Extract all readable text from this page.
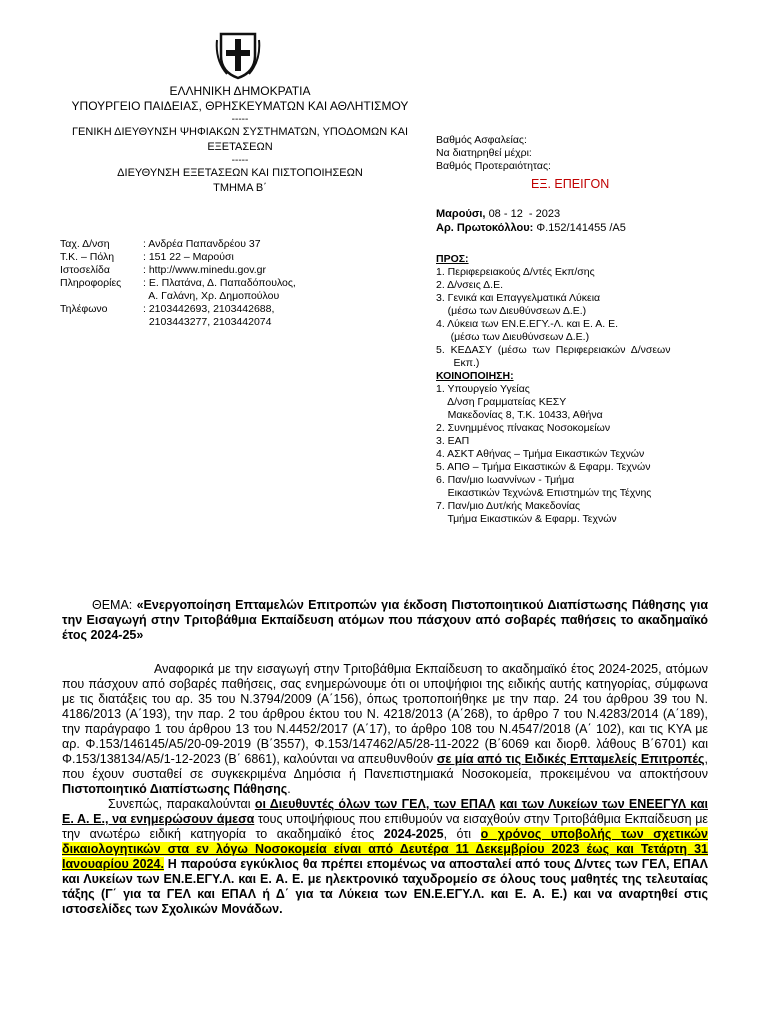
ΕΛΛΗΝΙΚΗ ΔΗΜΟΚΡΑΤΙΑ
ΥΠΟΥΡΓΕΙΟ ΠΑΙΔΕΙΑΣ, ΘΡΗΣΚΕΥΜΑΤΩΝ ΚΑΙ ΑΘΛΗΤΙΣΜΟΥ
-----
ΓΕΝΙΚΗ ΔΙΕΥΘΥΝΣΗ ΨΗΦΙΑΚΩΝ ΣΥΣΤΗΜΑΤΩΝ, ΥΠΟΔΟΜΩΝ ΚΑΙ
ΕΞΕΤΑΣΕΩΝ
-----
ΔΙΕΥΘΥΝΣΗ ΕΞΕΤΑΣΕΩΝ ΚΑΙ ΠΙΣΤΟΠΟΙΗΣΕΩΝ
ΤΜΗΜΑ Β΄
Ταχ. Δ/νση	: Ανδρέα Παπανδρέου 37
Τ.Κ. – Πόλη	: 151 22 – Μαρούσι
Ιστοσελίδα	: http://www.minedu.gov.gr
Πληροφορίες	: Ε. Πλατάνα, Δ. Παπαδόπουλος,
Α. Γαλάνη, Χρ. Δημοπούλου
Τηλέφωνο	: 2103442693, 2103442688,
2103443277, 2103442074
Βαθμός Ασφαλείας:
Να διατηρηθεί μέχρι:
Βαθμός Προτεραιότητας:
ΕΞ. ΕΠΕΙΓΟΝ
Μαρούσι, 08 - 12  - 2023
Αρ. Πρωτοκόλλου: Φ.152/141455 /Α5

ΠΡΟΣ:

1. Περιφερειακούς Δ/ντές Εκπ/σης

2. Δ/νσεις Δ.Ε.

3. Γενικά και Επαγγελματικά Λύκεια

(μέσω των Διευθύνσεων Δ.Ε.)

4. Λύκεια των ΕΝ.Ε.ΕΓΥ.-Λ. και Ε. Α. Ε.

(μέσω των Διευθύνσεων Δ.Ε.)

5.  ΚΕΔΑΣΥ  (μέσω  των  Περιφερειακών  Δ/νσεων

Εκπ.)

ΚΟΙΝΟΠΟΙΗΣΗ:

1. Υπουργείο Υγείας

Δ/νση Γραμματείας ΚΕΣΥ

Μακεδονίας 8, Τ.Κ. 10433, Αθήνα

2. Συνημμένος πίνακας Νοσοκομείων

3. ΕΑΠ

4. ΑΣΚΤ Αθήνας – Τμήμα Εικαστικών Τεχνών

5. ΑΠΘ – Τμήμα Εικαστικών & Εφαρμ. Τεχνών

6. Παν/μιο Ιωαννίνων - Τμήμα

Εικαστικών Τεχνών& Επιστημών της Τέχνης

7. Παν/μιο Δυτ/κής Μακεδονίας

Τμήμα Εικαστικών & Εφαρμ. Τεχνών

ΘΕΜΑ: «Ενεργοποίηση Επταμελών Επιτροπών για έκδοση Πιστοποιητικού Διαπίστωσης Πάθησης για την Εισαγωγή στην Τριτοβάθμια Εκπαίδευση ατόμων που πάσχουν από σοβαρές παθήσεις το ακαδημαϊκό έτος 2024-25»

Αναφορικά με την εισαγωγή στην Τριτοβάθμια Εκπαίδευση το ακαδημαϊκό έτος 2024-2025, ατόμων που πάσχουν από σοβαρές παθήσεις, σας ενημερώνουμε ότι οι υποψήφιοι της ειδικής αυτής κατηγορίας, σύμφωνα με τις διατάξεις του αρ. 35 του Ν.3794/2009 (Α΄156), όπως τροποποιήθηκε με την παρ. 24 του άρθρου 39 του Ν. 4186/2013 (Α΄193), την παρ. 2 του άρθρου έκτου του Ν. 4218/2013 (Α΄268), το άρθρο 7 του Ν.4283/2014 (Α΄189), την παράγραφο 1 του άρθρου 13 του Ν.4452/2017 (Α΄17), το άρθρο 108 του Ν.4547/2018 (Α΄ 102), και τις ΚΥΑ με αρ. Φ.153/146145/Α5/20-09-2019 (Β΄3557), Φ.153/147462/Α5/28-11-2022 (Β΄6069 και διορθ. λάθους Β΄6701) και Φ.153/138134/Α5/1-12-2023 (Β΄ 6861), καλούνται να απευθυνθούν σε μία από τις Ειδικές Επταμελείς Επιτροπές, που έχουν συσταθεί σε συγκεκριμένα Δημόσια ή Πανεπιστημιακά Νοσοκομεία, προκειμένου να αποκτήσουν Πιστοποιητικό Διαπίστωσης Πάθησης.

Συνεπώς, παρακαλούνται οι Διευθυντές όλων των ΓΕΛ, των ΕΠΑΛ και των Λυκείων των ΕΝΕΕΓΥΛ και Ε. Α. Ε., να ενημερώσουν άμεσα τους υποψήφιους που επιθυμούν να εισαχθούν στην Τριτοβάθμια Εκπαίδευση με την ανωτέρω ειδική κατηγορία το ακαδημαϊκό έτος 2024-2025, ότι ο χρόνος υποβολής των σχετικών δικαιολογητικών στα εν λόγω Νοσοκομεία είναι από Δευτέρα 11 Δεκεμβρίου 2023 έως και Τετάρτη 31 Ιανουαρίου 2024. Η παρούσα εγκύκλιος θα πρέπει επομένως να αποσταλεί από τους Δ/ντες των ΓΕΛ, ΕΠΑΛ και Λυκείων των ΕΝ.Ε.ΕΓΥ.Λ. και Ε. Α. Ε. με ηλεκτρονικό ταχυδρομείο σε όλους τους μαθητές της τελευταίας τάξης (Γ΄ για τα ΓΕΛ και ΕΠΑΛ ή Δ΄ για τα Λύκεια των ΕΝ.Ε.ΕΓΥ.Λ. και Ε. Α. Ε.) και να αναρτηθεί στις ιστοσελίδες των Σχολικών Μονάδων.
